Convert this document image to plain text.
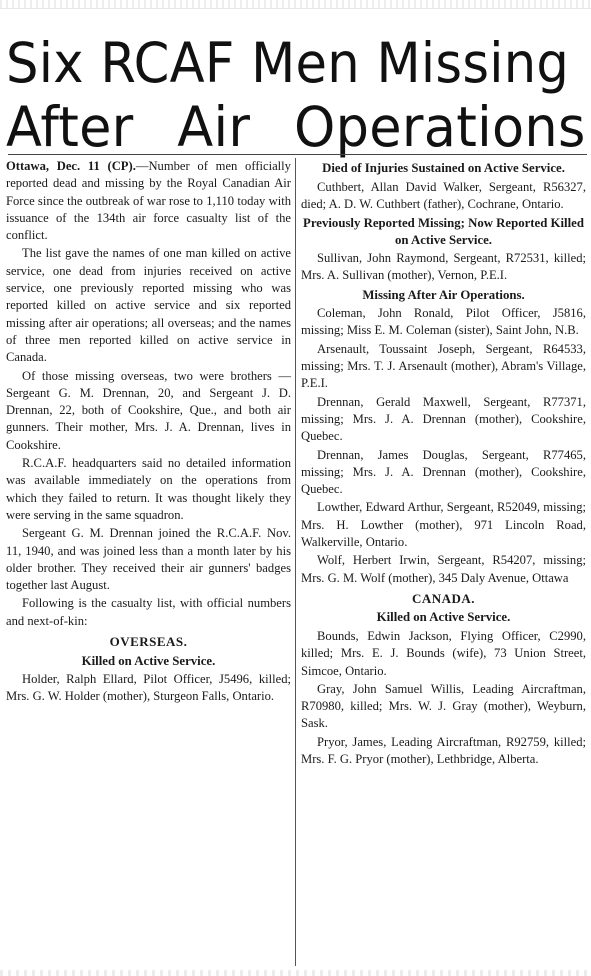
Six RCAF Men Missing
After Air Operations

Ottawa, Dec. 11 (CP).—Number of men officially reported dead and missing by the Royal Canadian Air Force since the outbreak of war rose to 1,110 today with issuance of the 134th air force casualty list of the conflict.

The list gave the names of one man killed on active service, one dead from injuries received on active service, one previously reported missing who was reported killed on active service and six reported missing after air operations; all overseas; and the names of three men reported killed on active service in Canada.

Of those missing overseas, two were brothers — Sergeant G. M. Drennan, 20, and Sergeant J. D. Drennan, 22, both of Cookshire, Que., and both air gunners. Their mother, Mrs. J. A. Drennan, lives in Cookshire.

R.C.A.F. headquarters said no detailed information was available immediately on the operations from which they failed to return. It was thought likely they were serving in the same squadron.

Sergeant G. M. Drennan joined the R.C.A.F. Nov. 11, 1940, and was joined less than a month later by his older brother. They received their air gunners' badges together last August.

Following is the casualty list, with official numbers and next-of-kin:

OVERSEAS.
Killed on Active Service.

Holder, Ralph Ellard, Pilot Officer, J5496, killed; Mrs. G. W. Holder (mother), Sturgeon Falls, Ontario.

Died of Injuries Sustained on Active Service.

Cuthbert, Allan David Walker, Sergeant, R56327, died; A. D. W. Cuthbert (father), Cochrane, Ontario.

Previously Reported Missing; Now Reported Killed on Active Service.

Sullivan, John Raymond, Sergeant, R72531, killed; Mrs. A. Sullivan (mother), Vernon, P.E.I.

Missing After Air Operations.

Coleman, John Ronald, Pilot Officer, J5816, missing; Miss E. M. Coleman (sister), Saint John, N.B.

Arsenault, Toussaint Joseph, Sergeant, R64533, missing; Mrs. T. J. Arsenault (mother), Abram's Village, P.E.I.

Drennan, Gerald Maxwell, Sergeant, R77371, missing; Mrs. J. A. Drennan (mother), Cookshire, Quebec.

Drennan, James Douglas, Sergeant, R77465, missing; Mrs. J. A. Drennan (mother), Cookshire, Quebec.

Lowther, Edward Arthur, Sergeant, R52049, missing; Mrs. H. Lowther (mother), 971 Lincoln Road, Walkerville, Ontario.

Wolf, Herbert Irwin, Sergeant, R54207, missing; Mrs. G. M. Wolf (mother), 345 Daly Avenue, Ottawa

CANADA.
Killed on Active Service.

Bounds, Edwin Jackson, Flying Officer, C2990, killed; Mrs. E. J. Bounds (wife), 73 Union Street, Simcoe, Ontario.

Gray, John Samuel Willis, Leading Aircraftman, R70980, killed; Mrs. W. J. Gray (mother), Weyburn, Sask.

Pryor, James, Leading Aircraftman, R92759, killed; Mrs. F. G. Pryor (mother), Lethbridge, Alberta.
